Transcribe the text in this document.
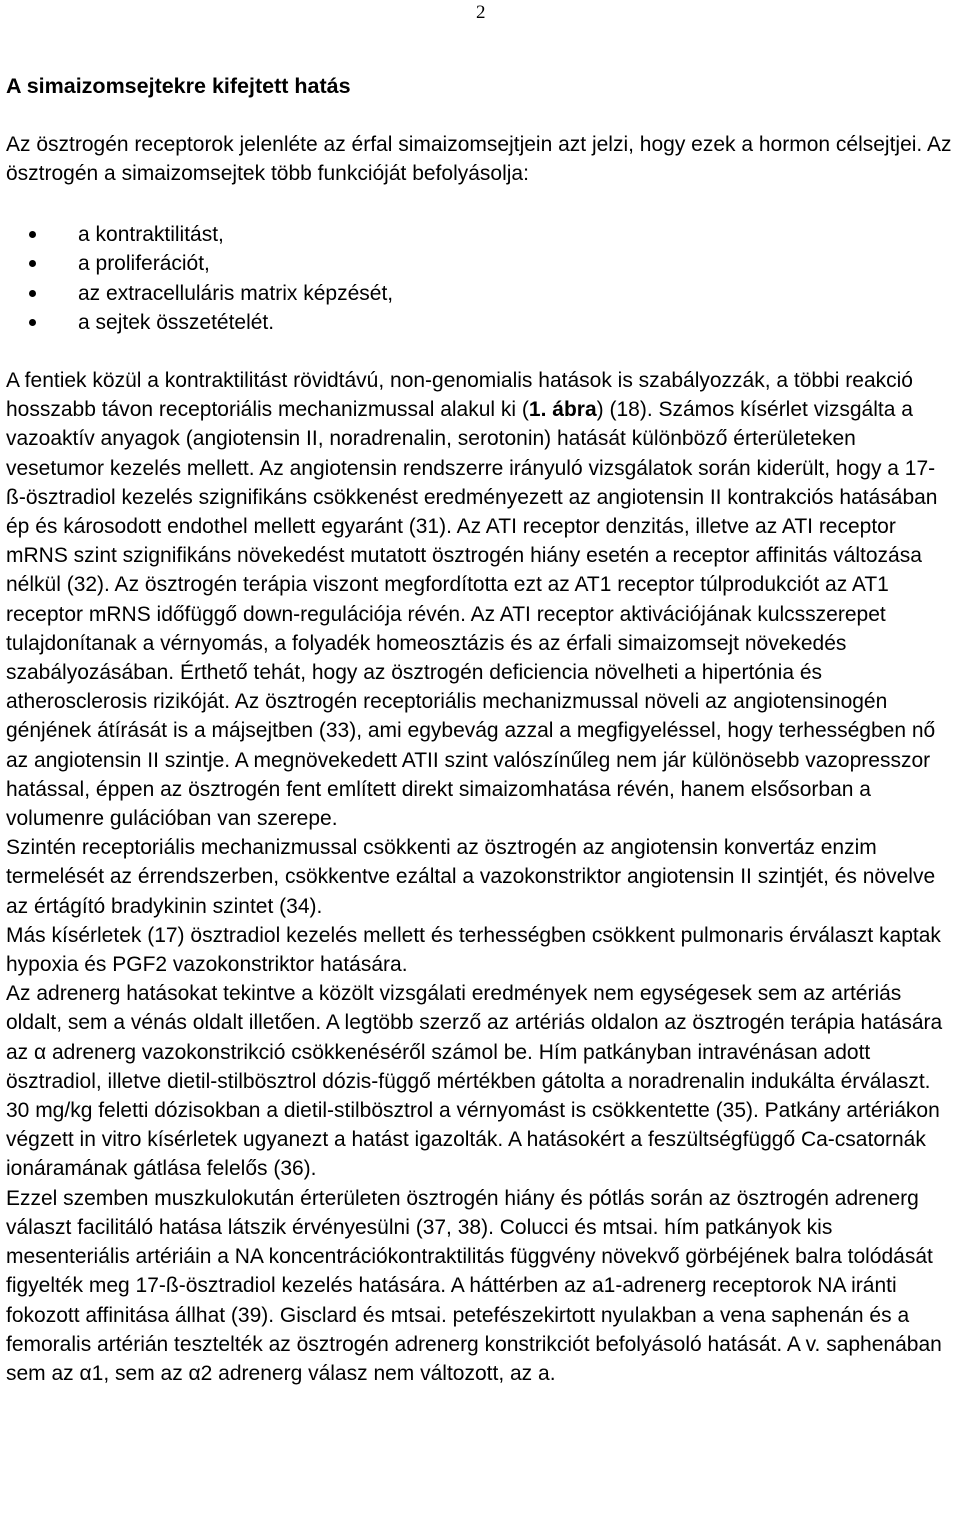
2
A simaizomsejtekre kifejtett hatás

Az ösztrogén receptorok jelenléte az érfal simaizomsejtjein azt jelzi, hogy ezek a hormon célsejtjei. Az ösztrogén a simaizomsejtek több funkcióját befolyásolja:

a kontraktilitást,
a proliferációt,
az extracelluláris matrix képzését,
a sejtek összetételét.

A fentiek közül a kontraktilitást rövidtávú, non-genomialis hatások is szabályozzák, a többi reakció hosszabb távon receptoriális mechanizmussal alakul ki (1. ábra) (18). Számos kísérlet vizsgálta a vazoaktív anyagok (angiotensin II, noradrenalin, serotonin) hatását különböző érterületeken vesetumor kezelés mellett. Az angiotensin rendszerre irányuló vizsgálatok során kiderült, hogy a 17- ß-ösztradiol kezelés szignifikáns csökkenést eredményezett az angiotensin II kontrakciós hatásában ép és károsodott endothel mellett egyaránt (31). Az ATI receptor denzitás, illetve az ATI receptor mRNS szint szignifikáns növekedést mutatott ösztrogén hiány esetén a receptor affinitás változása nélkül (32). Az ösztrogén terápia viszont megfordította ezt az AT1 receptor túlprodukciót az AT1 receptor mRNS időfüggő down-regulációja révén. Az ATI receptor aktivációjának kulcsszerepet tulajdonítanak a vérnyomás, a folyadék homeosztázis és az érfali simaizomsejt növekedés szabályozásában. Érthető tehát, hogy az ösztrogén deficiencia növelheti a hipertónia és atherosclerosis rizikóját. Az ösztrogén receptoriális mechanizmussal növeli az angiotensinogén génjének átírását is a májsejtben (33), ami egybevág azzal a megfigyeléssel, hogy terhességben nő az angiotensin II szintje. A megnövekedett ATII szint valószínűleg nem jár különösebb vazopresszor hatással, éppen az ösztrogén fent említett direkt simaizomhatása révén, hanem elsősorban a volumenre gulációban van szerepe.

Szintén receptoriális mechanizmussal csökkenti az ösztrogén az angiotensin konvertáz enzim termelését az érrendszerben, csökkentve ezáltal a vazokonstriktor angiotensin II szintjét, és növelve az értágító bradykinin szintet (34).

Más kísérletek (17) ösztradiol kezelés mellett és terhességben csökkent pulmonaris érválaszt kaptak hypoxia és PGF2 vazokonstriktor hatására.

Az adrenerg hatásokat tekintve a közölt vizsgálati eredmények nem egységesek sem az artériás oldalt, sem a vénás oldalt illetően. A legtöbb szerző az artériás oldalon az ösztrogén terápia hatására az α adrenerg vazokonstrikció csökkenéséről számol be. Hím patkányban intravénásan adott ösztradiol, illetve dietil-stilbösztrol dózis-függő mértékben gátolta a noradrenalin indukálta érválaszt. 30 mg/kg feletti dózisokban a dietil-stilbösztrol a vérnyomást is csökkentette (35). Patkány artériákon végzett in vitro kísérletek ugyanezt a hatást igazolták. A hatásokért a feszültségfüggő Ca-csatornák ionáramának gátlása felelős (36).

Ezzel szemben muszkulokután érterületen ösztrogén hiány és pótlás során az ösztrogén adrenerg választ facilitáló hatása látszik érvényesülni (37, 38). Colucci és mtsai. hím patkányok kis mesenteriális artériáin a NA koncentrációkontraktilitás függvény növekvő görbéjének balra tolódását figyelték meg 17-ß-ösztradiol kezelés hatására. A háttérben az a1-adrenerg receptorok NA iránti fokozott affinitása állhat (39). Gisclard és mtsai. petefészekirtott nyulakban a vena saphenán és a femoralis artérián tesztelték az ösztrogén adrenerg konstrikciót befolyásoló hatását. A v. saphenában sem az α1, sem az α2 adrenerg válasz nem változott, az a.
